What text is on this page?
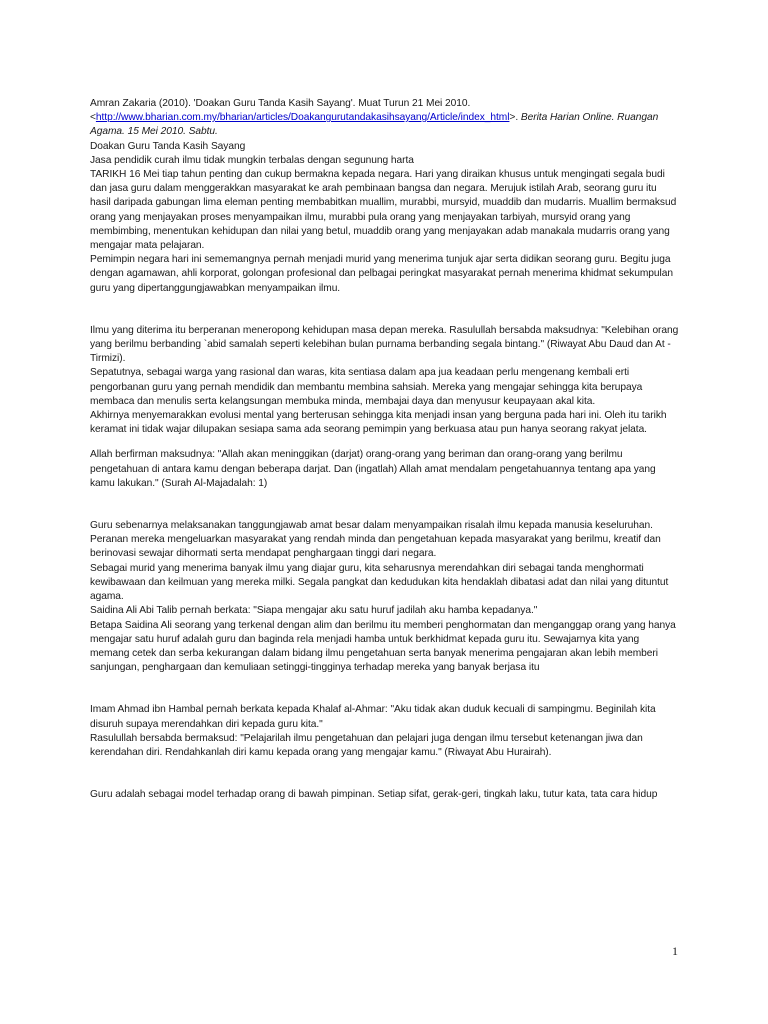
Amran Zakaria (2010). 'Doakan Guru Tanda Kasih Sayang'. Muat Turun 21 Mei 2010. <http://www.bharian.com.my/bharian/articles/Doakangurutandakasihsayang/Article/index_html>. Berita Harian Online. Ruangan Agama. 15 Mei 2010. Sabtu.

Doakan Guru Tanda Kasih Sayang

Jasa pendidik curah ilmu tidak mungkin terbalas dengan segunung harta

TARIKH 16 Mei tiap tahun penting dan cukup bermakna kepada negara. Hari yang diraikan khusus untuk mengingati segala budi dan jasa guru dalam menggerakkan masyarakat ke arah pembinaan bangsa dan negara. Merujuk istilah Arab, seorang guru itu hasil daripada gabungan lima eleman penting membabitkan muallim, murabbi, mursyid, muaddib dan mudarris. Muallim bermaksud orang yang menjayakan proses menyampaikan ilmu, murabbi pula orang yang menjayakan tarbiyah, mursyid orang yang membimbing, menentukan kehidupan dan nilai yang betul, muaddib orang yang menjayakan adab manakala mudarris orang yang mengajar mata pelajaran.

Pemimpin negara hari ini sememangnya pernah menjadi murid yang menerima tunjuk ajar serta didikan seorang guru. Begitu juga dengan agamawan, ahli korporat, golongan profesional dan pelbagai peringkat masyarakat pernah menerima khidmat sekumpulan guru yang dipertanggungjawabkan menyampaikan ilmu.

Ilmu yang diterima itu berperanan meneropong kehidupan masa depan mereka. Rasulullah bersabda maksudnya: "Kelebihan orang yang berilmu berbanding `abid samalah seperti kelebihan bulan purnama berbanding segala bintang." (Riwayat Abu Daud dan At -Tirmizi).

Sepatutnya, sebagai warga yang rasional dan waras, kita sentiasa dalam apa jua keadaan perlu mengenang kembali erti pengorbanan guru yang pernah mendidik dan membantu membina sahsiah. Mereka yang mengajar sehingga kita berupaya membaca dan menulis serta kelangsungan membuka minda, membajai daya dan menyusur keupayaan akal kita.

Akhirnya menyemarakkan evolusi mental yang berterusan sehingga kita menjadi insan yang berguna pada hari ini. Oleh itu tarikh keramat ini tidak wajar dilupakan sesiapa sama ada seorang pemimpin yang berkuasa atau pun hanya seorang rakyat jelata.

Allah berfirman maksudnya: "Allah akan meninggikan (darjat) orang-orang yang beriman dan orang-orang yang berilmu pengetahuan di antara kamu dengan beberapa darjat. Dan (ingatlah) Allah amat mendalam pengetahuannya tentang apa yang kamu lakukan." (Surah Al-Majadalah: 1)

Guru sebenarnya melaksanakan tanggungjawab amat besar dalam menyampaikan risalah ilmu kepada manusia keseluruhan. Peranan mereka mengeluarkan masyarakat yang rendah minda dan pengetahuan kepada masyarakat yang berilmu, kreatif dan berinovasi sewajar dihormati serta mendapat penghargaan tinggi dari negara.

Sebagai murid yang menerima banyak ilmu yang diajar guru, kita seharusnya merendahkan diri sebagai tanda menghormati kewibawaan dan keilmuan yang mereka milki. Segala pangkat dan kedudukan kita hendaklah dibatasi adat dan nilai yang dituntut agama.

Saidina Ali Abi Talib pernah berkata: "Siapa mengajar aku satu huruf jadilah aku hamba kepadanya."

Betapa Saidina Ali seorang yang terkenal dengan alim dan berilmu itu memberi penghormatan dan menganggap orang yang hanya mengajar satu huruf adalah guru dan baginda rela menjadi hamba untuk berkhidmat kepada guru itu. Sewajarnya kita yang memang cetek dan serba kekurangan dalam bidang ilmu pengetahuan serta banyak menerima pengajaran akan lebih memberi sanjungan, penghargaan dan kemuliaan setinggi-tingginya terhadap mereka yang banyak berjasa itu

Imam Ahmad ibn Hambal pernah berkata kepada Khalaf al-Ahmar: "Aku tidak akan duduk kecuali di sampingmu. Beginilah kita disuruh supaya merendahkan diri kepada guru kita."

Rasulullah bersabda bermaksud: "Pelajarilah ilmu pengetahuan dan pelajari juga dengan ilmu tersebut ketenangan jiwa dan kerendahan diri. Rendahkanlah diri kamu kepada orang yang mengajar kamu." (Riwayat Abu Hurairah).

Guru adalah sebagai model terhadap orang di bawah pimpinan. Setiap sifat, gerak-geri, tingkah laku, tutur kata, tata cara hidup

1
